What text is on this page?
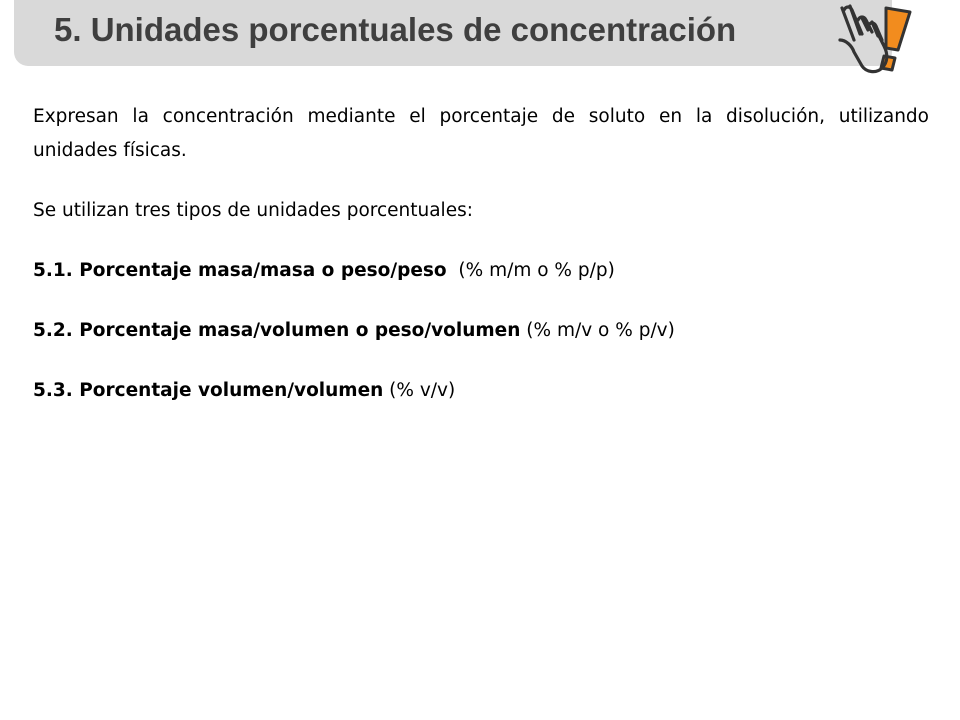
5. Unidades porcentuales de concentración

Expresan la concentración mediante el porcentaje de soluto en la disolución, utilizando unidades físicas.

Se utilizan tres tipos de unidades porcentuales:

5.1. Porcentaje masa/masa o peso/peso  (% m/m o % p/p)

5.2. Porcentaje masa/volumen o peso/volumen (% m/v o % p/v)

5.3. Porcentaje volumen/volumen (% v/v)
